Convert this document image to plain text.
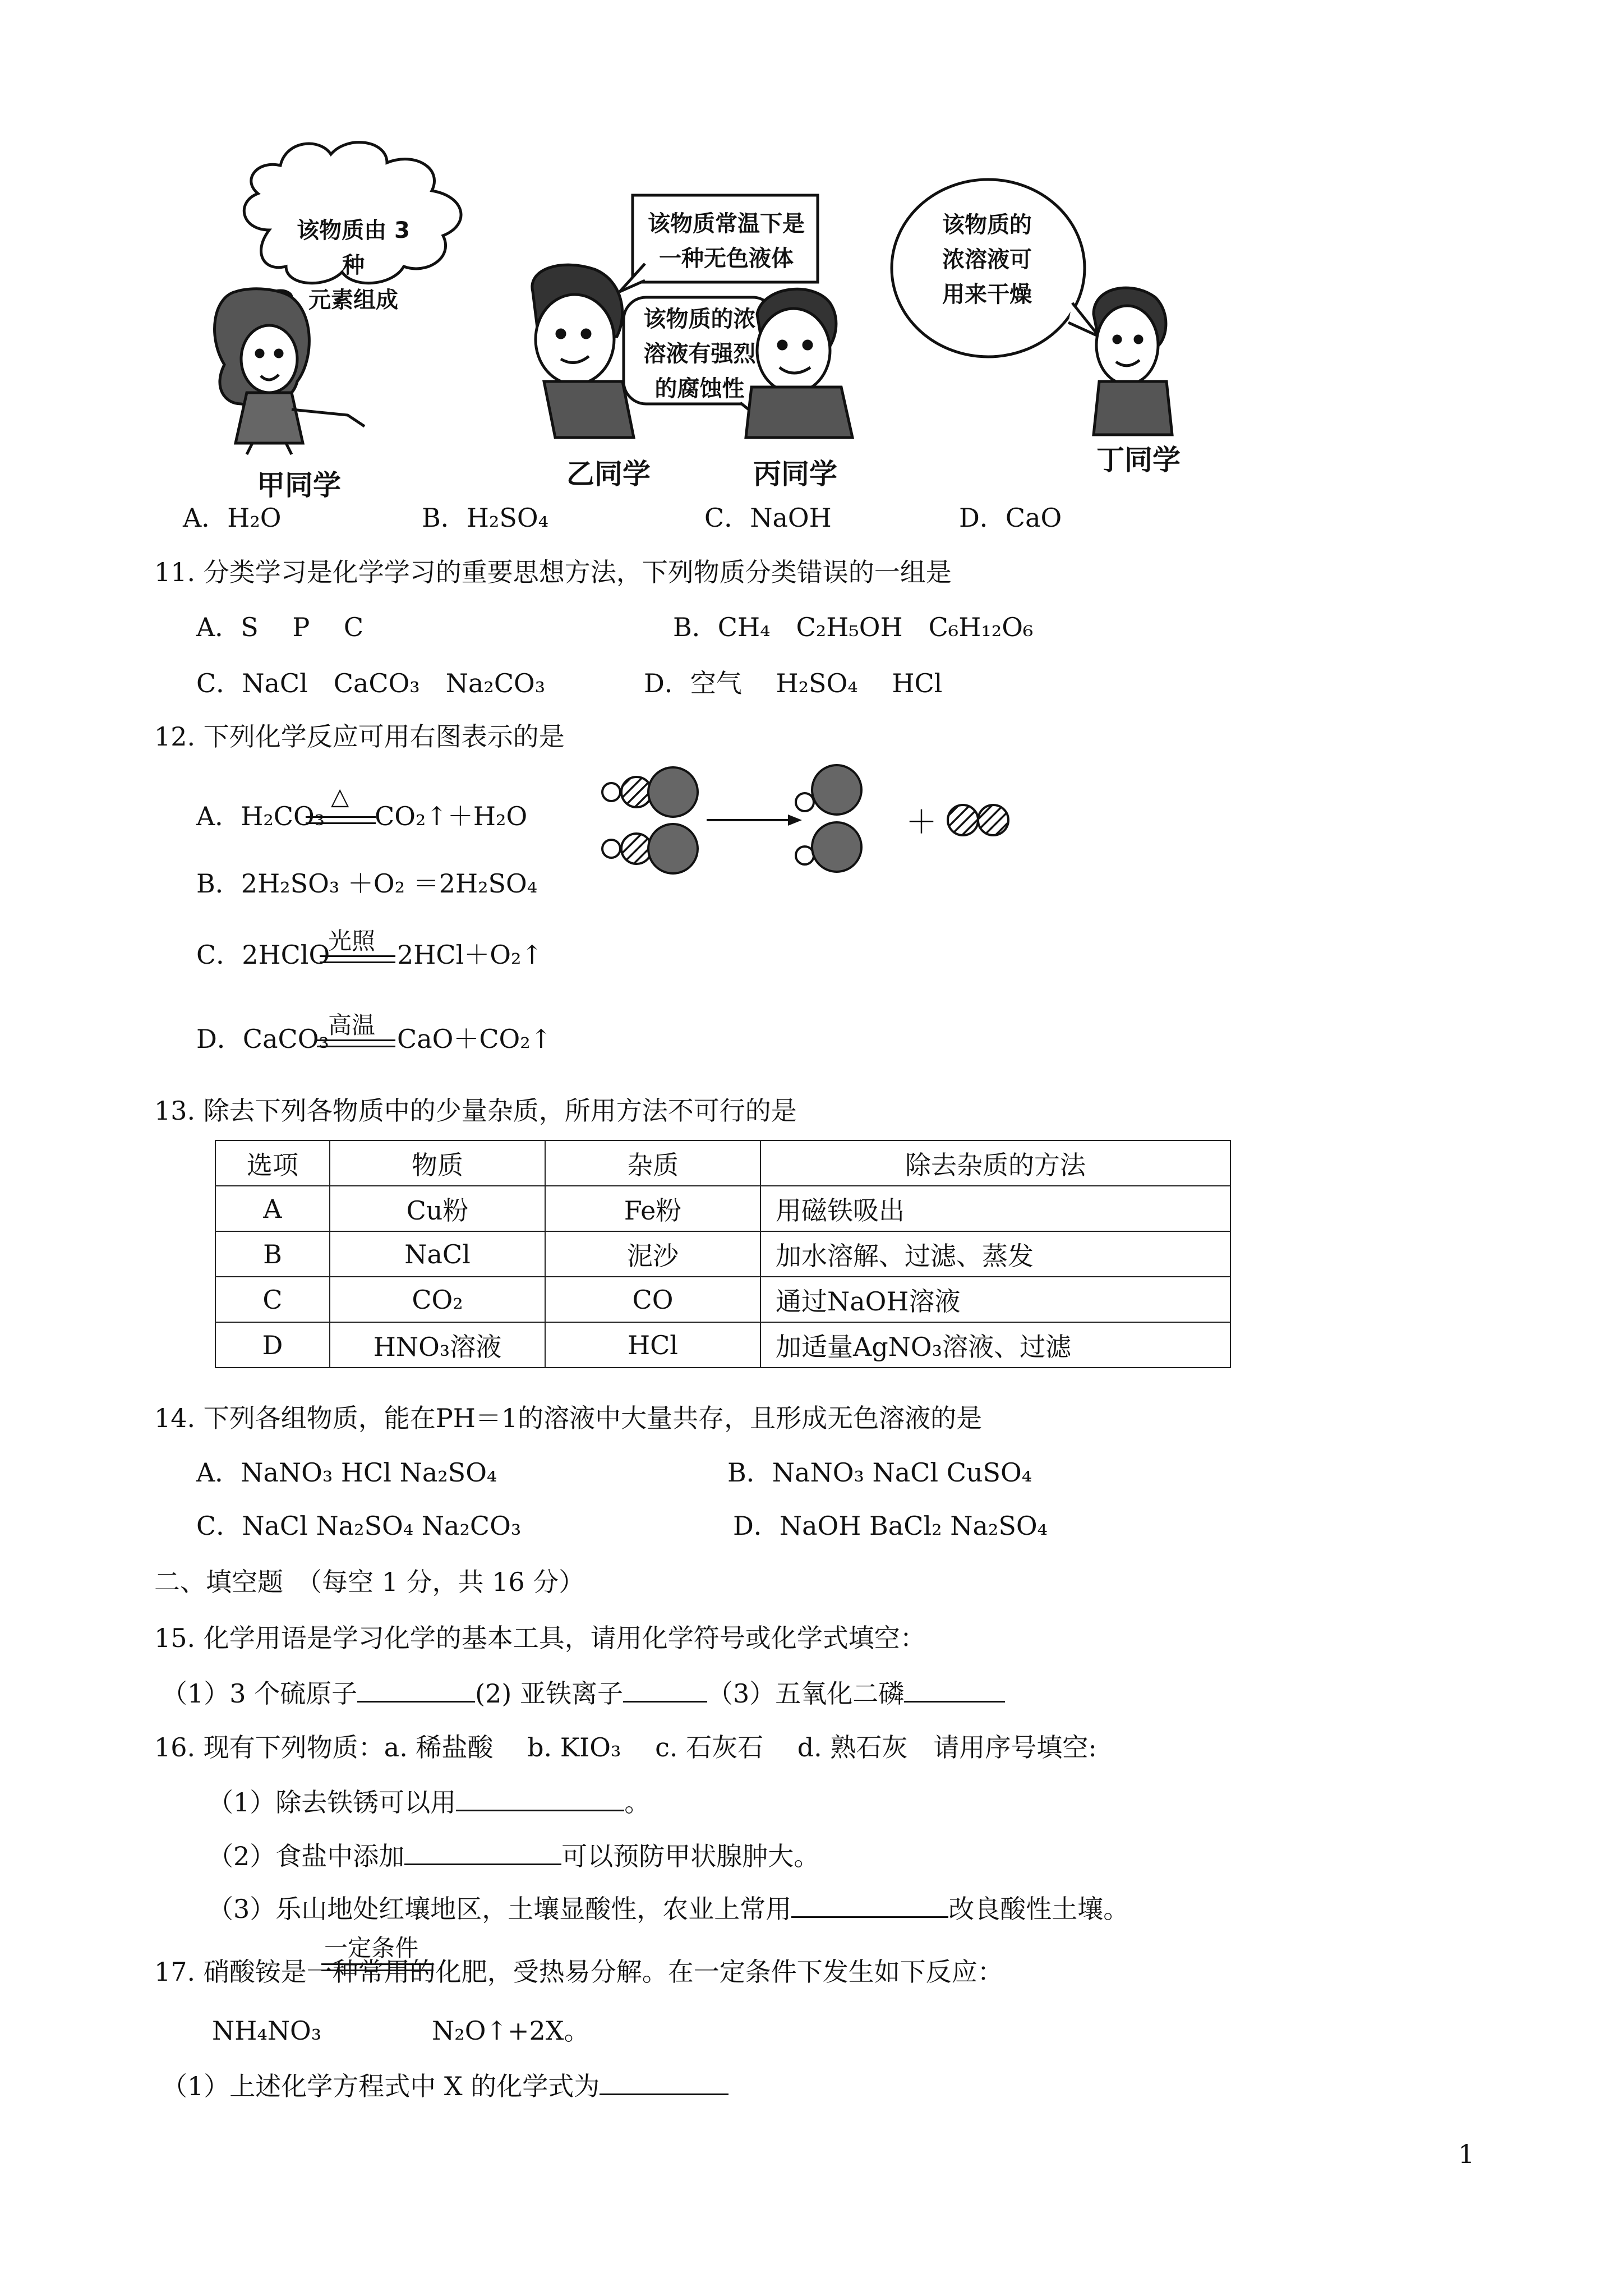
该物质由 3 种
元素组成
该物质常温下是
一种无色液体
该物质的浓
溶液有强烈
的腐蚀性
该物质的
浓溶液可
用来干燥
甲同学	乙同学	丙同学	丁同学
A．H₂O	B．H₂SO₄	C．NaOH	D．CaO
11. 分类学习是化学学习的重要思想方法，下列物质分类错误的一组是
A．S　 P　 C	B．CH₄　C₂H₅OH　C₆H₁₂O₆
C．NaCl　CaCO₃　Na₂CO₃	D．空气　 H₂SO₄　 HCl
12. 下列化学反应可用右图表示的是
A．H₂CO₃
△
CO₂↑＋H₂O
B．2H₂SO₃ ＋O₂ ＝2H₂SO₄
C．2HClO
光照 2HCl＋O₂↑
D．CaCO₃
高温 CaO＋CO₂↑
＋
13. 除去下列各物质中的少量杂质，所用方法不可行的是
选项	物质	杂质	除去杂质的方法
A	Cu粉	Fe粉	用磁铁吸出
B	NaCl	泥沙	加水溶解、过滤、蒸发
C	CO₂	CO	通过NaOH溶液
D	HNO₃溶液	HCl	加适量AgNO₃溶液、过滤
14. 下列各组物质，能在PH＝1的溶液中大量共存，且形成无色溶液的是
A．NaNO₃ HCl Na₂SO₄	B．NaNO₃ NaCl CuSO₄
C．NaCl Na₂SO₄ Na₂CO₃	D．NaOH BaCl₂ Na₂SO₄
二、填空题　（每空 1 分，共 16 分）
15. 化学用语是学习化学的基本工具，请用化学符号或化学式填空：
（1）3 个硫原子	(2) 亚铁离子	（3）五氧化二磷
16. 现有下列物质：a. 稀盐酸　 b. KIO₃　 c. 石灰石　 d. 熟石灰　请用序号填空:
（1）除去铁锈可以用	。
（2）食盐中添加	可以预防甲状腺肿大。
（3）乐山地处红壤地区，土壤显酸性，农业上常用	改良酸性土壤。
17. 硝酸铵是一种常用的化肥，受热易分解。在一定条件下发生如下反应：
一定条件
NH₄NO₃	N₂O↑+2X。
（1）上述化学方程式中 X 的化学式为
1
